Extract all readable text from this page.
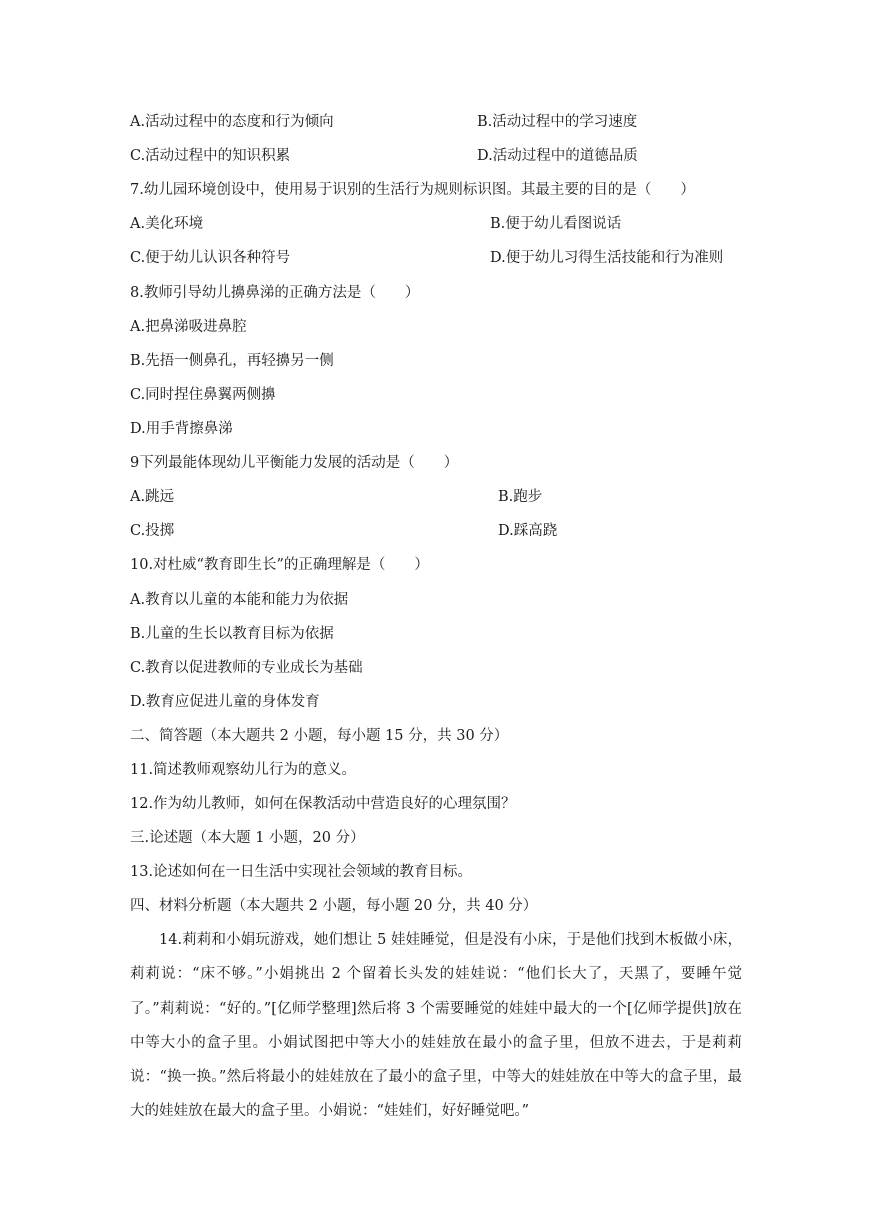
A.活动过程中的态度和行为倾向	B.活动过程中的学习速度
C.活动过程中的知识积累	D.活动过程中的道德品质
7.幼儿园环境创设中，使用易于识别的生活行为规则标识图。其最主要的目的是（　　）
A.美化环境	B.便于幼儿看图说话
C.便于幼儿认识各种符号	D.便于幼儿习得生活技能和行为准则
8.教师引导幼儿擤鼻涕的正确方法是（　　）
A.把鼻涕吸进鼻腔
B.先捂一侧鼻孔，再轻擤另一侧
C.同时捏住鼻翼两侧擤
D.用手背擦鼻涕
9下列最能体现幼儿平衡能力发展的活动是（　　）
A.跳远	B.跑步
C.投掷	D.踩高跷
10.对杜威“教育即生长”的正确理解是（　　）
A.教育以儿童的本能和能力为依据
B.儿童的生长以教育目标为依据
C.教育以促进教师的专业成长为基础
D.教育应促进儿童的身体发育
二、简答题（本大题共 2 小题，每小题 15 分，共 30 分）
11.简述教师观察幼儿行为的意义。
12.作为幼儿教师，如何在保教活动中营造良好的心理氛围？
三.论述题（本大题 1 小题，20 分）
13.论述如何在一日生活中实现社会领域的教育目标。
四、材料分析题（本大题共 2 小题，每小题 20 分，共 40 分）
14.莉莉和小娟玩游戏，她们想让 5 娃娃睡觉，但是没有小床，于是他们找到木板做小床，莉莉说：“床不够。”小娟挑出 2 个留着长头发的娃娃说：“他们长大了，天黑了，要睡午觉了。”莉莉说：“好的。”[亿师学整理]然后将 3 个需要睡觉的娃娃中最大的一个[亿师学提供]放在中等大小的盒子里。小娟试图把中等大小的娃娃放在最小的盒子里，但放不进去，于是莉莉说：“换一换。”然后将最小的娃娃放在了最小的盒子里，中等大的娃娃放在中等大的盒子里，最大的娃娃放在最大的盒子里。小娟说：“娃娃们，好好睡觉吧。”
